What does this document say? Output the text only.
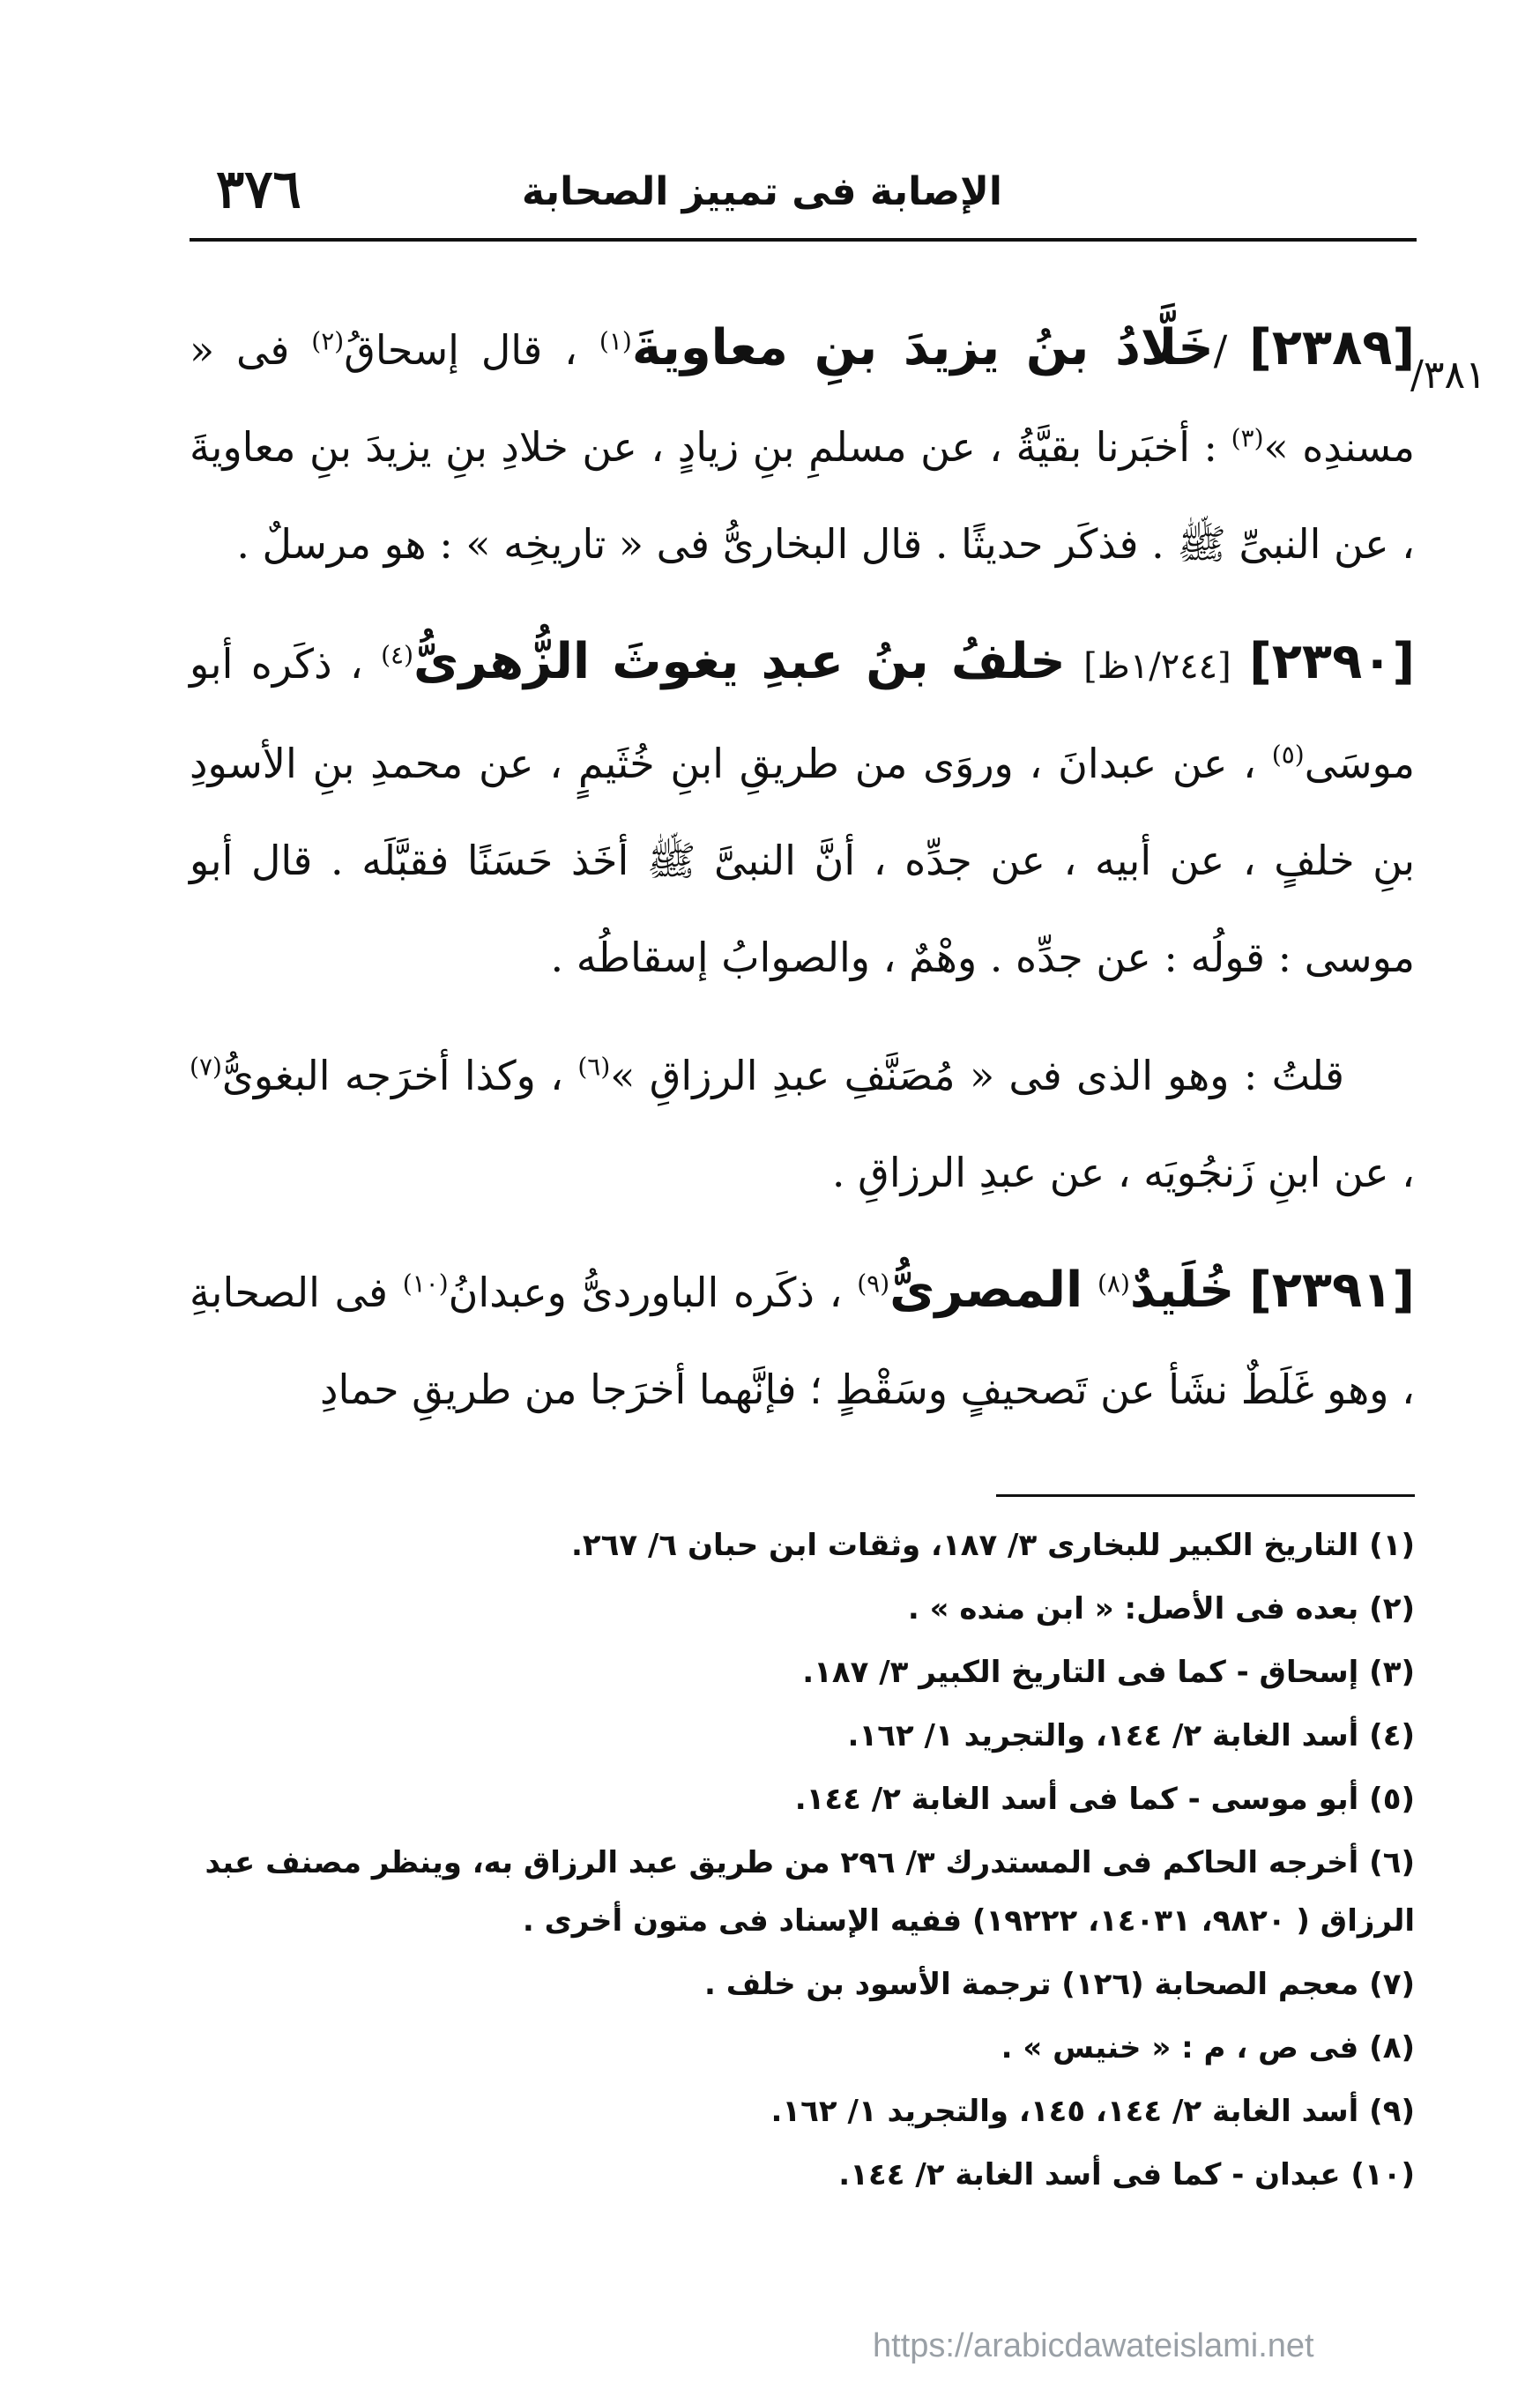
٣٧٦	الإصابة فى تمييز الصحابة
٣٨١/

[٢٣٨٩] /خَلَّادُ بنُ يزيدَ بنِ معاويةَ$^{(١)}$ ، قال إسحاقُ$^{(٢)}$ فى « مسندِه »$^{(٣)}$ : أخبَرنا بقيَّةُ ، عن مسلمِ بنِ زيادٍ ، عن خلادِ بنِ يزيدَ بنِ معاويةَ ، عن النبىِّ ﷺ . فذكَر حديثًا . قال البخارىُّ فى « تاريخِه » : هو مرسلٌ .

[٢٣٩٠] [١/٢٤٤ظ] خلفُ بنُ عبدِ يغوثَ الزُّهرىُّ$^{(٤)}$ ، ذكَره أبو موسَى$^{(٥)}$ ، عن عبدانَ ، وروَى من طريقِ ابنِ خُثَيمٍ ، عن محمدِ بنِ الأسودِ بنِ خلفٍ ، عن أبيه ، عن جدِّه ، أنَّ النبىَّ ﷺ أخَذ حَسَنًا فقبَّلَه . قال أبو موسى : قولُه : عن جدِّه . وهْمٌ ، والصوابُ إسقاطُه .

قلتُ : وهو الذى فى « مُصَنَّفِ عبدِ الرزاقِ »$^{(٦)}$ ، وكذا أخرَجه البغوىُّ$^{(٧)}$ ، عن ابنِ زَنجُويَه ، عن عبدِ الرزاقِ .

[٢٣٩١] خُلَيدٌ$^{(٨)}$ المصرىُّ$^{(٩)}$ ، ذكَره الباوردىُّ وعبدانُ$^{(١٠)}$ فى الصحابةِ ، وهو غَلَطٌ نشَأ عن تَصحيفٍ وسَقْطٍ ؛ فإنَّهما أخرَجا من طريقِ حمادِ

(١) التاريخ الكبير للبخارى ٣/ ١٨٧، وثقات ابن حبان ٦/ ٢٦٧.

(٢) بعده فى الأصل: « ابن منده » .

(٣) إسحاق - كما فى التاريخ الكبير ٣/ ١٨٧.

(٤) أسد الغابة ٢/ ١٤٤، والتجريد ١/ ١٦٢.

(٥) أبو موسى - كما فى أسد الغابة ٢/ ١٤٤.

(٦) أخرجه الحاكم فى المستدرك ٣/ ٢٩٦ من طريق عبد الرزاق به، وينظر مصنف عبد الرزاق ( ٩٨٢٠، ١٤٠٣١، ١٩٢٢٢) ففيه الإسناد فى متون أخرى .

(٧) معجم الصحابة (١٢٦) ترجمة الأسود بن خلف .

(٨) فى ص ، م : « خنيس » .

(٩) أسد الغابة ٢/ ١٤٤، ١٤٥، والتجريد ١/ ١٦٢.

(١٠) عبدان - كما فى أسد الغابة ٢/ ١٤٤.

https://arabicdawateislami.net
